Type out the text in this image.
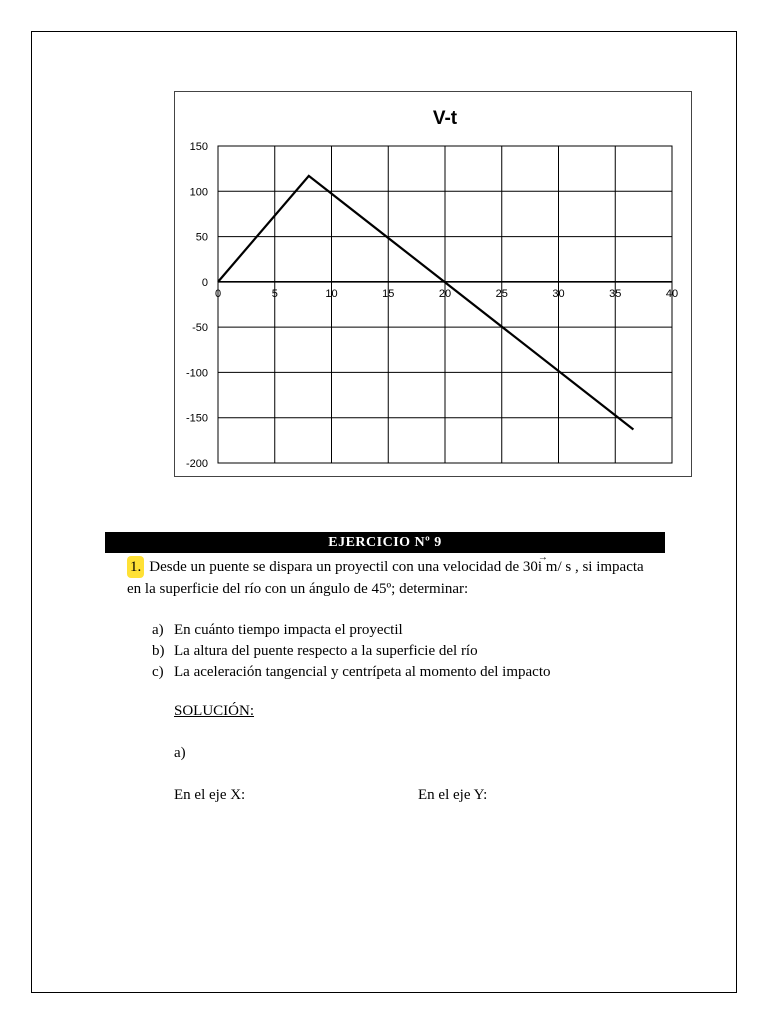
V-t
150
100
50
0
-50
-100
-150
-200
0	5	10	15	20	25	30	35	40
EJERCICIO Nº 9
1. Desde un puente se dispara un proyectil con una velocidad de 30
→
i m/ s , si impacta
en la superficie del río con un ángulo de 45º; determinar:
a) En cuánto tiempo impacta el proyectil
b) La altura del puente respecto a la superficie del río
c) La aceleración tangencial y centrípeta al momento del impacto
SOLUCIÓN:
a)
En el eje X:	En el eje Y:
